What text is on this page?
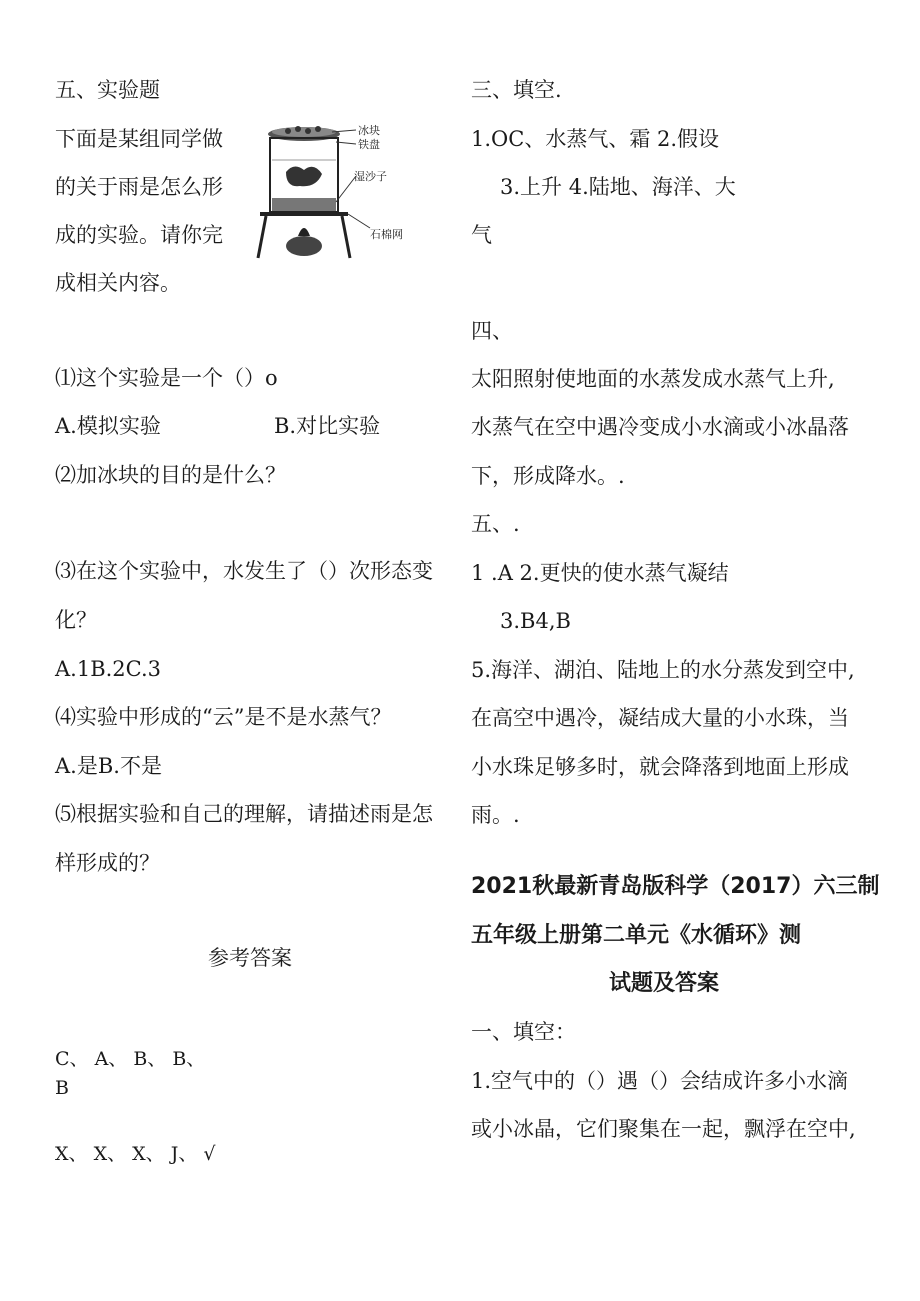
五、实验题
下面是某组同学做
的关于雨是怎么形
成的实验。请你完
成相关内容。
冰块
铁盘
湿沙子
石棉网
⑴这个实验是一个（）o
A.模拟实验	B.对比实验
⑵加冰块的目的是什么？
⑶在这个实验中，水发生了（）次形态变
化？
A.1B.2C.3
⑷实验中形成的“云”是不是水蒸气？
A.是B.不是
⑸根据实验和自己的理解，请描述雨是怎
样形成的？
参考答案
C、 A、 B、 B、
B
X、 X、 X、 J、 √
三、填空.
1.OC、水蒸气、霜 2.假设
3.上升 4.陆地、海洋、大
气
四、
太阳照射使地面的水蒸发成水蒸气上升,
水蒸气在空中遇冷变成小水滴或小冰晶落
下，形成降水。.
五、.
1 .A 2.更快的使水蒸气凝结
3.B4,B
5.海洋、湖泊、陆地上的水分蒸发到空中,
在高空中遇冷，凝结成大量的小水珠，当
小水珠足够多时，就会降落到地面上形成
雨。.
2021秋最新青岛版科学（2017）六三制
五年级上册第二单元《水循环》测
试题及答案
一、填空：
1.空气中的（）遇（）会结成许多小水滴
或小冰晶，它们聚集在一起，飘浮在空中,
